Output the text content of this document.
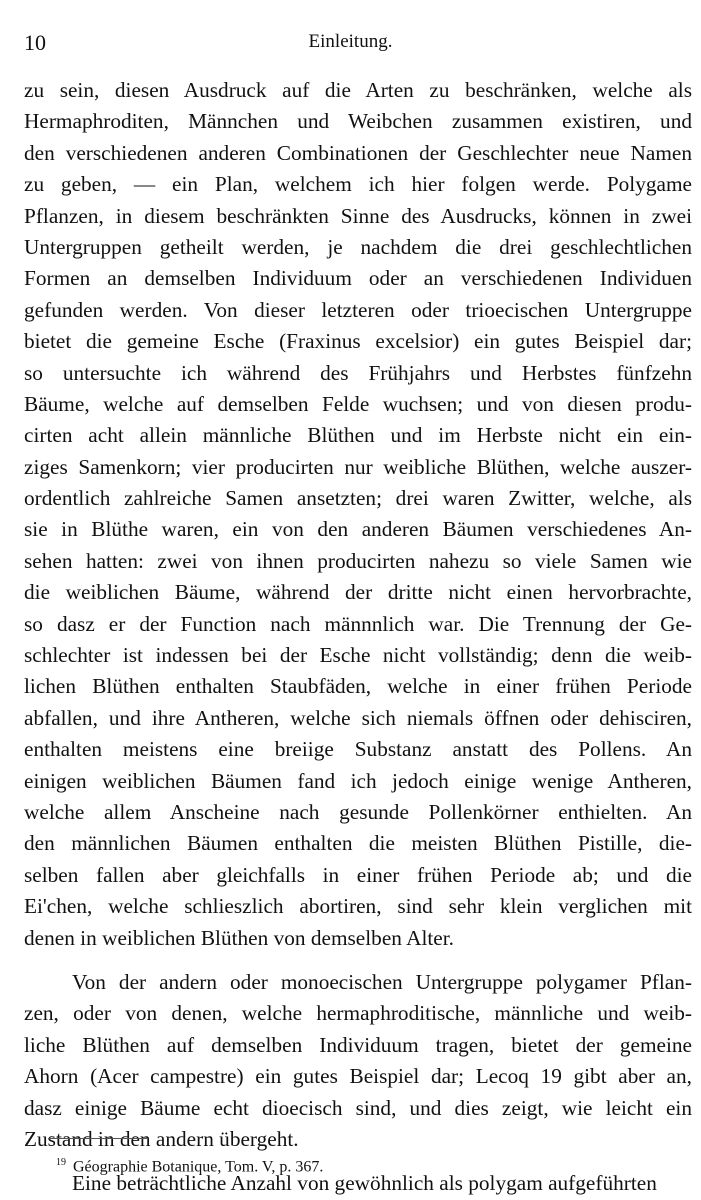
10	Einleitung.
zu sein, diesen Ausdruck auf die Arten zu beschränken, welche als
Hermaphroditen, Männchen und Weibchen zusammen existiren, und
den verschiedenen anderen Combinationen der Geschlechter neue Namen
zu geben, — ein Plan, welchem ich hier folgen werde. Polygame
Pflanzen, in diesem beschränkten Sinne des Ausdrucks, können in zwei
Untergruppen getheilt werden, je nachdem die drei geschlechtlichen
Formen an demselben Individuum oder an verschiedenen Individuen
gefunden werden. Von dieser letzteren oder trioecischen Untergruppe
bietet die gemeine Esche (Fraxinus excelsior) ein gutes Beispiel dar;
so untersuchte ich während des Frühjahrs und Herbstes fünfzehn
Bäume, welche auf demselben Felde wuchsen; und von diesen produ-
cirten acht allein männliche Blüthen und im Herbste nicht ein ein-
ziges Samenkorn; vier producirten nur weibliche Blüthen, welche auszer-
ordentlich zahlreiche Samen ansetzten; drei waren Zwitter, welche, als
sie in Blüthe waren, ein von den anderen Bäumen verschiedenes An-
sehen hatten: zwei von ihnen producirten nahezu so viele Samen wie
die weiblichen Bäume, während der dritte nicht einen hervorbrachte,
so dasz er der Function nach männnlich war. Die Trennung der Ge-
schlechter ist indessen bei der Esche nicht vollständig; denn die weib-
lichen Blüthen enthalten Staubfäden, welche in einer frühen Periode
abfallen, und ihre Antheren, welche sich niemals öffnen oder dehisciren,
enthalten meistens eine breiige Substanz anstatt des Pollens. An
einigen weiblichen Bäumen fand ich jedoch einige wenige Antheren,
welche allem Anscheine nach gesunde Pollenkörner enthielten. An
den männlichen Bäumen enthalten die meisten Blüthen Pistille, die-
selben fallen aber gleichfalls in einer frühen Periode ab; und die
Ei'chen, welche schlieszlich abortiren, sind sehr klein verglichen mit
denen in weiblichen Blüthen von demselben Alter.
Von der andern oder monoecischen Untergruppe polygamer Pflan-
zen, oder von denen, welche hermaphroditische, männliche und weib-
liche Blüthen auf demselben Individuum tragen, bietet der gemeine
Ahorn (Acer campestre) ein gutes Beispiel dar; Lecoq 19 gibt aber an,
dasz einige Bäume echt dioecisch sind, und dies zeigt, wie leicht ein
Zustand in den andern übergeht.
Eine beträchtliche Anzahl von gewöhnlich als polygam aufgeführten
$^{19}$ Géographie Botanique, Tom. V, p. 367.
